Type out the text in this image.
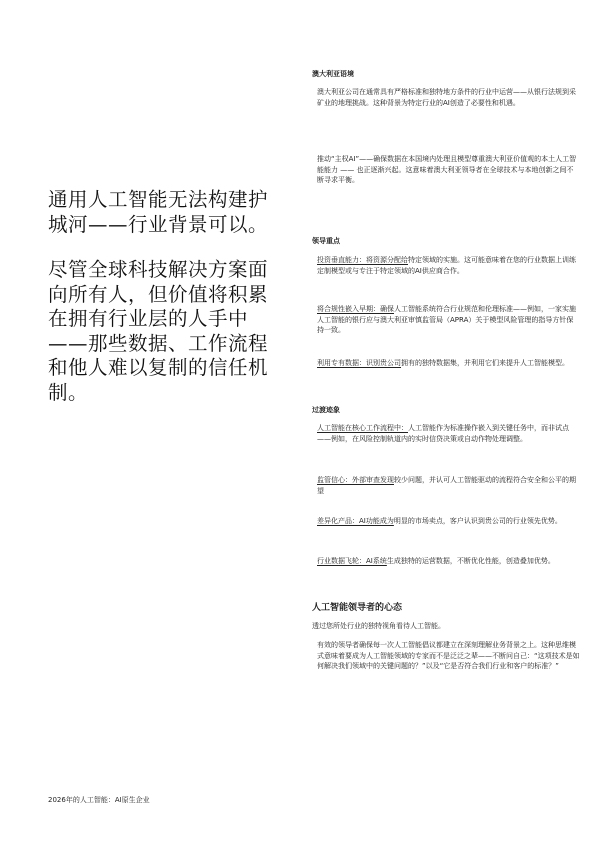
通用人工智能无法构建护城河——行业背景可以。

尽管全球科技解决方案面向所有人，但价值将积累在拥有行业层的人手中——那些数据、工作流程和他人难以复制的信任机制。

澳大利亚语境

澳大利亚公司在通常具有严格标准和独特地方条件的行业中运营——从银行法规到采矿业的地理挑战。这种背景为特定行业的AI创造了必要性和机遇。

推动“主权AI”——确保数据在本国境内处理且模型尊重澳大利亚价值观的本土人工智能能力 —— 也正逐渐兴起。这意味着澳大利亚领导者在全球技术与本地创新之间不断寻求平衡。

领导重点

投资垂直能力：将资源分配给特定领域的实施。这可能意味着在您的行业数据上训练定制模型或与专注于特定领域的AI供应商合作。

将合规性嵌入早期：确保人工智能系统符合行业规范和伦理标准——例如，一家实施人工智能的银行应与澳大利亚审慎监管局（APRA）关于模型风险管理的指导方针保持一致。

利用专有数据：识别贵公司拥有的独特数据集，并利用它们来提升人工智能模型。

过渡迹象

人工智能在核心工作流程中：人工智能作为标准操作嵌入到关键任务中，而非试点——例如，在风险控制轨道内的实时信贷决策或自动作物处理调整。

监管信心：外部审查发现较少问题，并认可人工智能驱动的流程符合安全和公平的期望

差异化产品：AI功能成为明显的市场卖点，客户认识到贵公司的行业领先优势。

行业数据飞轮：AI系统生成独特的运营数据，不断优化性能，创造叠加优势。

人工智能领导者的心态

透过您所处行业的独特视角看待人工智能。

有效的领导者确保每一次人工智能倡议都建立在深刻理解业务背景之上。这种思维模式意味着要成为人工智能领域的专家而不是泛泛之辈——不断问自己：“这项技术是如何解决我们领域中的关键问题的？”以及“它是否符合我们行业和客户的标准？”

2026年的人工智能：AI原生企业
